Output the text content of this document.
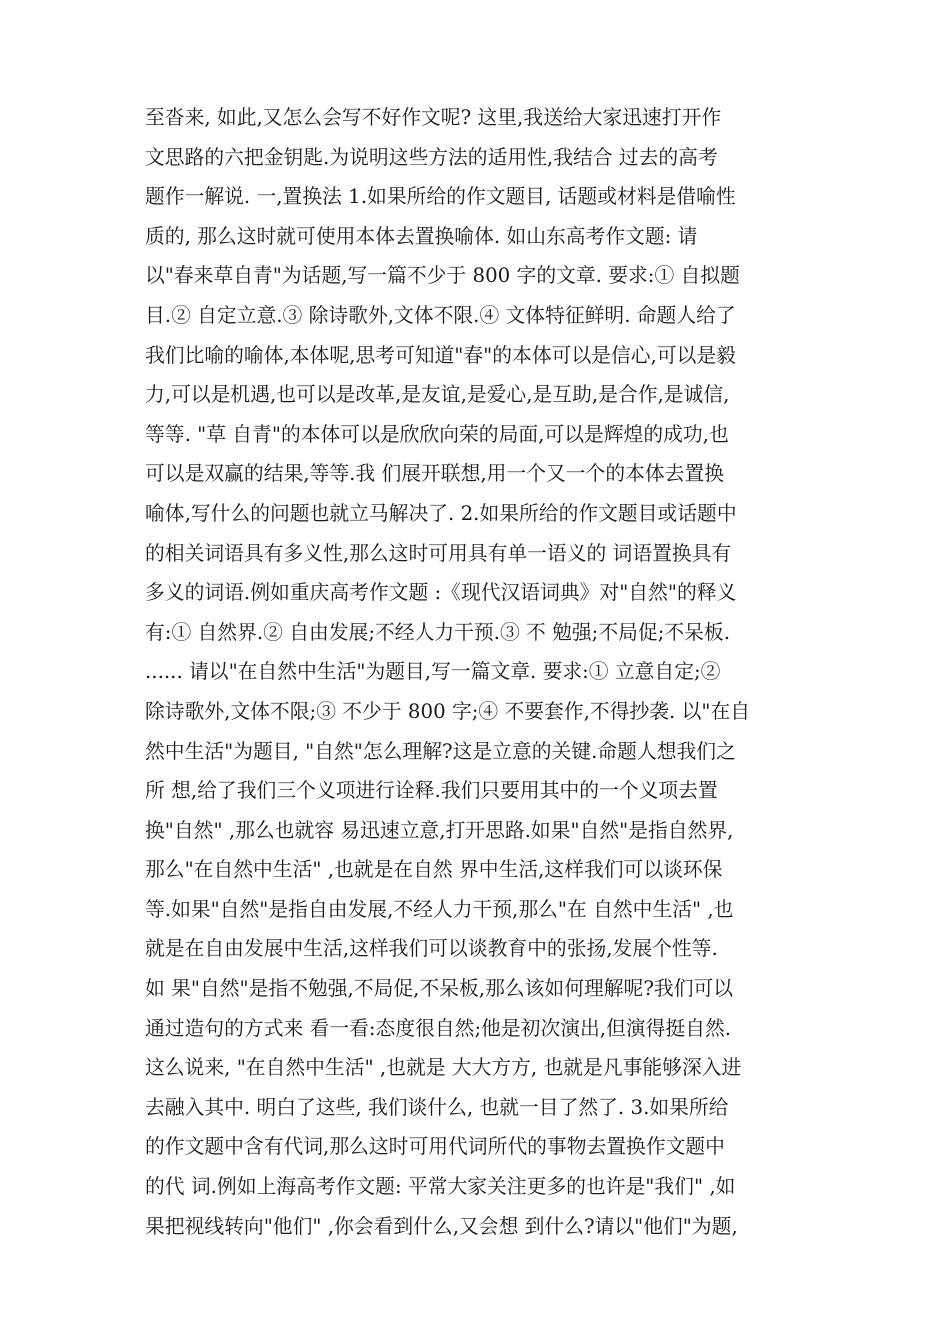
至沓来, 如此,又怎么会写不好作文呢? 这里,我送给大家迅速打开作
文思路的六把金钥匙.为说明这些方法的适用性,我结合 过去的高考
题作一解说. 一,置换法 1.如果所给的作文题目, 话题或材料是借喻性
质的, 那么这时就可使用本体去置换喻体. 如山东高考作文题: 请
以"春来草自青"为话题,写一篇不少于 800 字的文章. 要求:① 自拟题
目.② 自定立意.③ 除诗歌外,文体不限.④ 文体特征鲜明. 命题人给了
我们比喻的喻体,本体呢,思考可知道"春"的本体可以是信心,可以是毅
力,可以是机遇,也可以是改革,是友谊,是爱心,是互助,是合作,是诚信,
等等. "草 自青"的本体可以是欣欣向荣的局面,可以是辉煌的成功,也
可以是双赢的结果,等等.我 们展开联想,用一个又一个的本体去置换
喻体,写什么的问题也就立马解决了. 2.如果所给的作文题目或话题中
的相关词语具有多义性,那么这时可用具有单一语义的 词语置换具有
多义的词语.例如重庆高考作文题 :《现代汉语词典》对"自然"的释义
有:① 自然界.② 自由发展;不经人力干预.③ 不 勉强;不局促;不呆板.
...... 请以"在自然中生活"为题目,写一篇文章. 要求:① 立意自定;②
除诗歌外,文体不限;③ 不少于 800 字;④ 不要套作,不得抄袭. 以"在自
然中生活"为题目, "自然"怎么理解?这是立意的关键.命题人想我们之
所 想,给了我们三个义项进行诠释.我们只要用其中的一个义项去置
换"自然" ,那么也就容 易迅速立意,打开思路.如果"自然"是指自然界,
那么"在自然中生活" ,也就是在自然 界中生活,这样我们可以谈环保
等.如果"自然"是指自由发展,不经人力干预,那么"在 自然中生活" ,也
就是在自由发展中生活,这样我们可以谈教育中的张扬,发展个性等.
如 果"自然"是指不勉强,不局促,不呆板,那么该如何理解呢?我们可以
通过造句的方式来 看一看:态度很自然;他是初次演出,但演得挺自然.
这么说来, "在自然中生活" ,也就是 大大方方, 也就是凡事能够深入进
去融入其中. 明白了这些, 我们谈什么, 也就一目了然了. 3.如果所给
的作文题中含有代词,那么这时可用代词所代的事物去置换作文题中
的代 词.例如上海高考作文题: 平常大家关注更多的也许是"我们" ,如
果把视线转向"他们" ,你会看到什么,又会想 到什么?请以"他们"为题,
